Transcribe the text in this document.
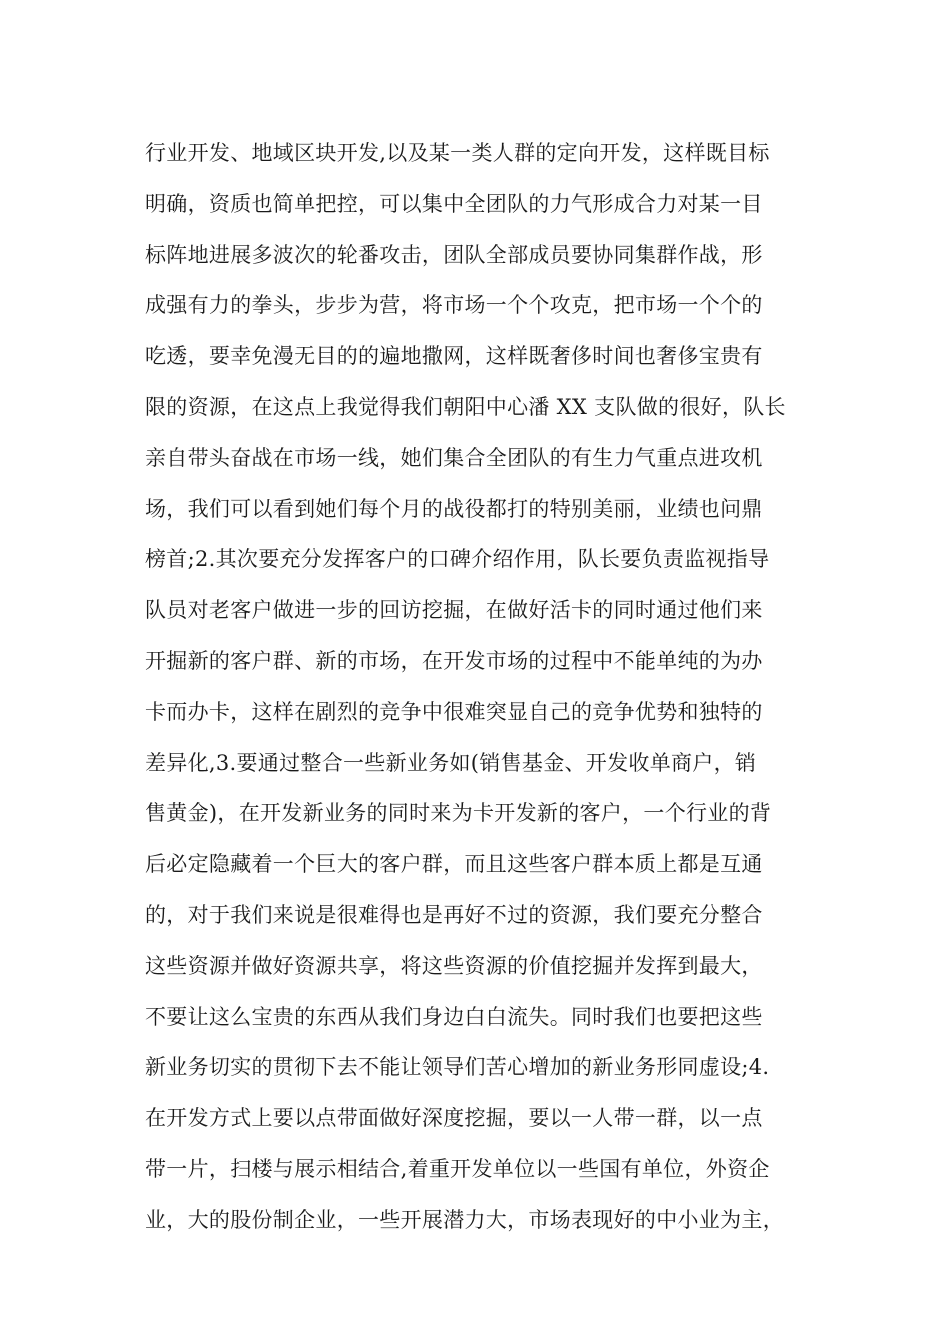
行业开发、地域区块开发,以及某一类人群的定向开发，这样既目标
明确，资质也简单把控，可以集中全团队的力气形成合力对某一目
标阵地进展多波次的轮番攻击，团队全部成员要协同集群作战，形
成强有力的拳头，步步为营，将市场一个个攻克，把市场一个个的
吃透，要幸免漫无目的的遍地撒网，这样既奢侈时间也奢侈宝贵有
限的资源，在这点上我觉得我们朝阳中心潘 XX 支队做的很好，队长
亲自带头奋战在市场一线，她们集合全团队的有生力气重点进攻机
场，我们可以看到她们每个月的战役都打的特别美丽，业绩也问鼎
榜首;2.其次要充分发挥客户的口碑介绍作用，队长要负责监视指导
队员对老客户做进一步的回访挖掘，在做好活卡的同时通过他们来
开掘新的客户群、新的市场，在开发市场的过程中不能单纯的为办
卡而办卡，这样在剧烈的竞争中很难突显自己的竞争优势和独特的
差异化,3.要通过整合一些新业务如(销售基金、开发收单商户，销
售黄金)，在开发新业务的同时来为卡开发新的客户，一个行业的背
后必定隐藏着一个巨大的客户群，而且这些客户群本质上都是互通
的，对于我们来说是很难得也是再好不过的资源，我们要充分整合
这些资源并做好资源共享，将这些资源的价值挖掘并发挥到最大，
不要让这么宝贵的东西从我们身边白白流失。同时我们也要把这些
新业务切实的贯彻下去不能让领导们苦心增加的新业务形同虚设;4.
在开发方式上要以点带面做好深度挖掘，要以一人带一群，以一点
带一片，扫楼与展示相结合,着重开发单位以一些国有单位，外资企
业，大的股份制企业，一些开展潜力大，市场表现好的中小业为主，
